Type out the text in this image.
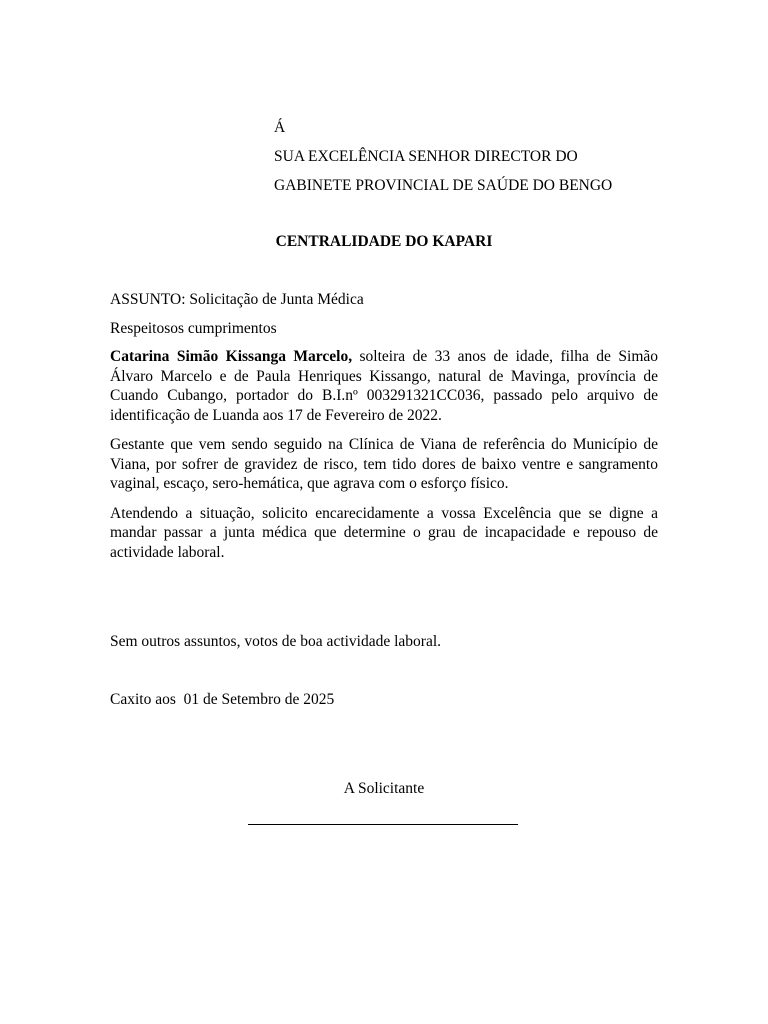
Á

SUA EXCELÊNCIA SENHOR DIRECTOR DO

GABINETE PROVINCIAL DE SAÚDE DO BENGO

CENTRALIDADE DO KAPARI

ASSUNTO: Solicitação de Junta Médica

Respeitosos cumprimentos

Catarina Simão Kissanga Marcelo, solteira de 33 anos de idade, filha de Simão Álvaro Marcelo e de Paula Henriques Kissango, natural de Mavinga, província de Cuando Cubango, portador do B.I.nº 003291321CC036, passado pelo arquivo de identificação de Luanda aos 17 de Fevereiro de 2022.

Gestante que vem sendo seguido na Clínica de Viana de referência do Município de Viana, por sofrer de gravidez de risco, tem tido dores de baixo ventre e sangramento vaginal, escaço, sero-hemática, que agrava com o esforço físico.

Atendendo a situação, solicito encarecidamente a vossa Excelência que se digne a mandar passar a junta médica que determine o grau de incapacidade e repouso de actividade laboral.

Sem outros assuntos, votos de boa actividade laboral.

Caxito aos  01 de Setembro de 2025

A Solicitante
